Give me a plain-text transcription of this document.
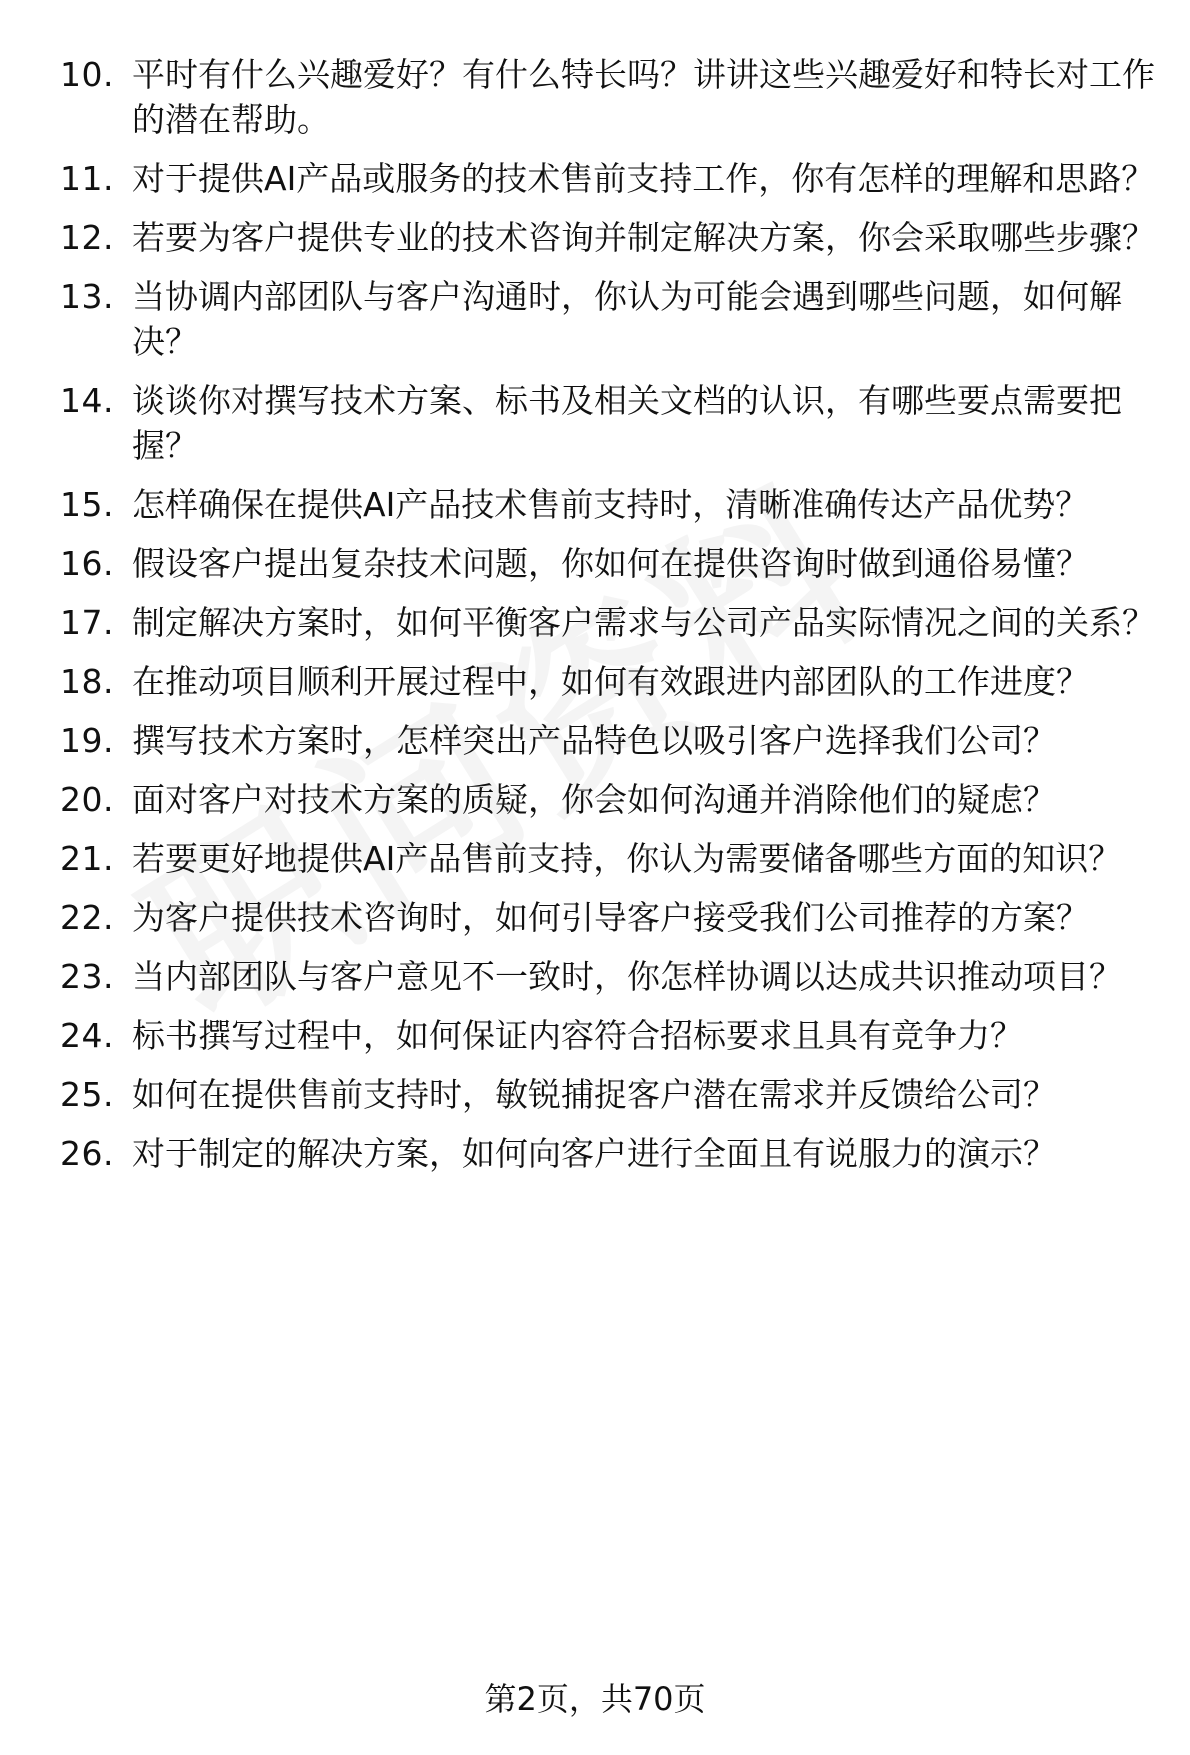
10. 平时有什么兴趣爱好？有什么特长吗？讲讲这些兴趣爱好和特长对工作的潜在帮助。
11. 对于提供AI产品或服务的技术售前支持工作，你有怎样的理解和思路？
12. 若要为客户提供专业的技术咨询并制定解决方案，你会采取哪些步骤？
13. 当协调内部团队与客户沟通时，你认为可能会遇到哪些问题，如何解决？
14. 谈谈你对撰写技术方案、标书及相关文档的认识，有哪些要点需要把握？
15. 怎样确保在提供AI产品技术售前支持时，清晰准确传达产品优势？
16. 假设客户提出复杂技术问题，你如何在提供咨询时做到通俗易懂？
17. 制定解决方案时，如何平衡客户需求与公司产品实际情况之间的关系？
18. 在推动项目顺利开展过程中，如何有效跟进内部团队的工作进度？
19. 撰写技术方案时，怎样突出产品特色以吸引客户选择我们公司？
20. 面对客户对技术方案的质疑，你会如何沟通并消除他们的疑虑？
21. 若要更好地提供AI产品售前支持，你认为需要储备哪些方面的知识？
22. 为客户提供技术咨询时，如何引导客户接受我们公司推荐的方案？
23. 当内部团队与客户意见不一致时，你怎样协调以达成共识推动项目？
24. 标书撰写过程中，如何保证内容符合招标要求且具有竞争力？
25. 如何在提供售前支持时，敏锐捕捉客户潜在需求并反馈给公司？
26. 对于制定的解决方案，如何向客户进行全面且有说服力的演示？
第2页，共70页
